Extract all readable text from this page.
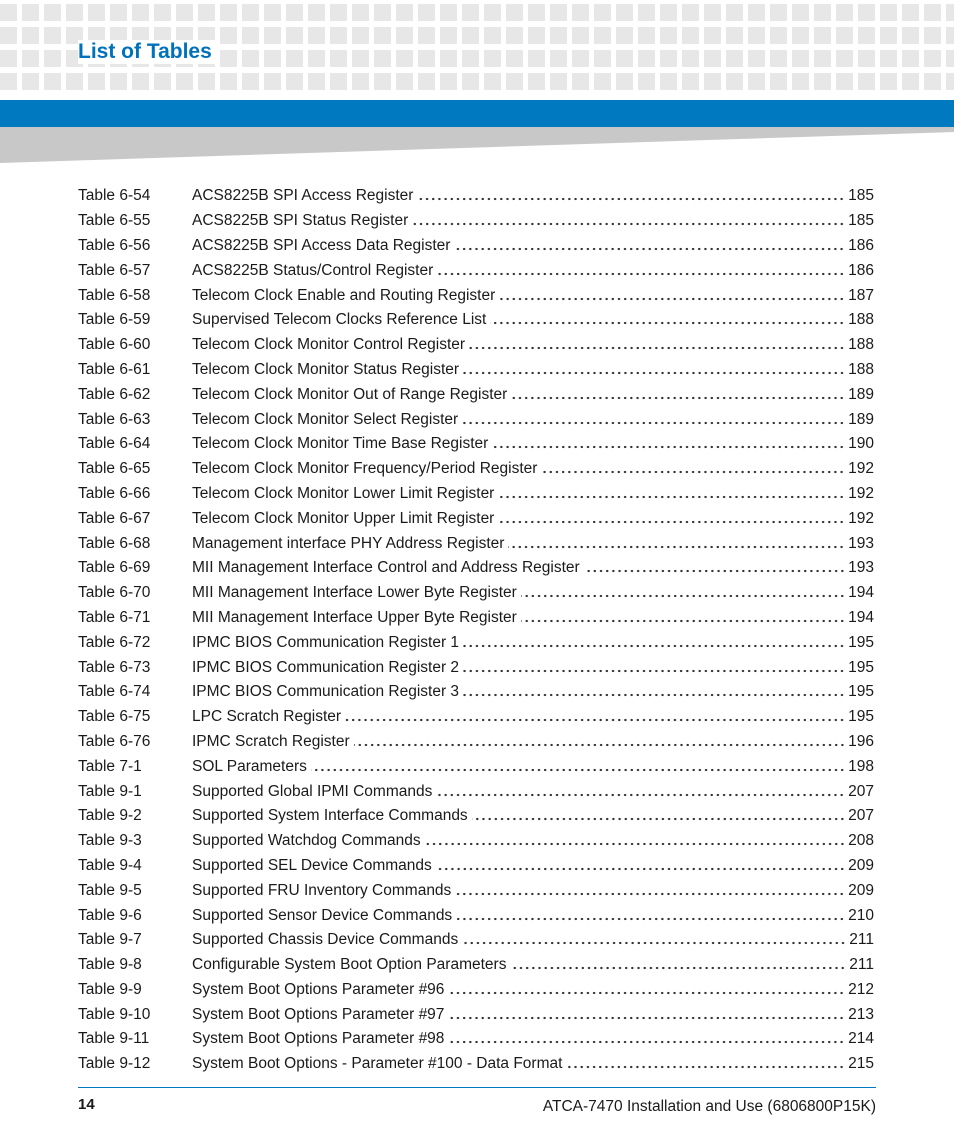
List of Tables
Table 6-54	ACS8225B SPI Access Register	185
Table 6-55	ACS8225B SPI Status Register	185
Table 6-56	ACS8225B SPI Access Data Register	186
Table 6-57	ACS8225B Status/Control Register	186
Table 6-58	Telecom Clock Enable and Routing Register	187
Table 6-59	Supervised Telecom Clocks Reference List	188
Table 6-60	Telecom Clock Monitor Control Register	188
Table 6-61	Telecom Clock Monitor Status Register	188
Table 6-62	Telecom Clock Monitor Out of Range Register	189
Table 6-63	Telecom Clock Monitor Select Register	189
Table 6-64	Telecom Clock Monitor Time Base Register	190
Table 6-65	Telecom Clock Monitor Frequency/Period Register	192
Table 6-66	Telecom Clock Monitor Lower Limit Register	192
Table 6-67	Telecom Clock Monitor Upper Limit Register	192
Table 6-68	Management interface PHY Address Register	193
Table 6-69	MII Management Interface Control and Address Register	193
Table 6-70	MII Management Interface Lower Byte Register	194
Table 6-71	MII Management Interface Upper Byte Register	194
Table 6-72	IPMC BIOS Communication Register 1	195
Table 6-73	IPMC BIOS Communication Register 2	195
Table 6-74	IPMC BIOS Communication Register 3	195
Table 6-75	LPC Scratch Register	195
Table 6-76	IPMC Scratch Register	196
Table 7-1	SOL Parameters	198
Table 9-1	Supported Global IPMI Commands	207
Table 9-2	Supported System Interface Commands	207
Table 9-3	Supported Watchdog Commands	208
Table 9-4	Supported SEL Device Commands	209
Table 9-5	Supported FRU Inventory Commands	209
Table 9-6	Supported Sensor Device Commands	210
Table 9-7	Supported Chassis Device Commands	211
Table 9-8	Configurable System Boot Option Parameters	211
Table 9-9	System Boot Options Parameter #96	212
Table 9-10	System Boot Options Parameter #97	213
Table 9-11	System Boot Options Parameter #98	214
Table 9-12	System Boot Options - Parameter #100 - Data Format	215
14	ATCA-7470 Installation and Use (6806800P15K)
